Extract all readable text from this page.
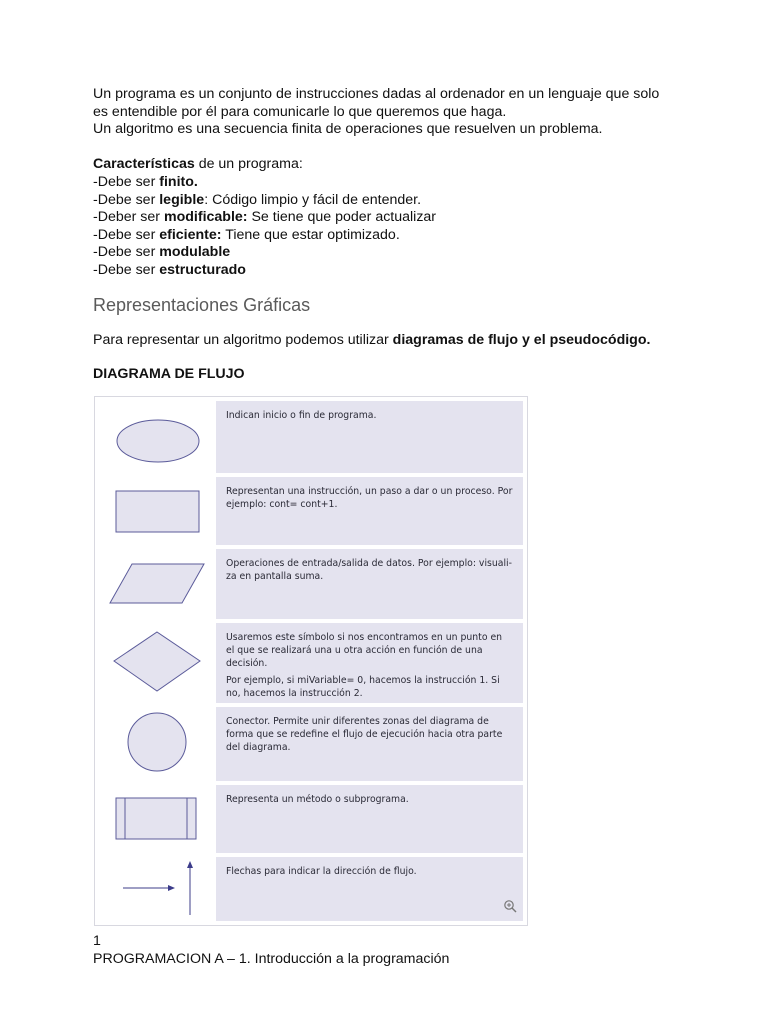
Un programa es un conjunto de instrucciones dadas al ordenador en un lenguaje que solo

es entendible por él para comunicarle lo que queremos que haga.

Un algoritmo es una secuencia finita de operaciones que resuelven un problema.

Características de un programa:

-Debe ser finito.

-Debe ser legible: Código limpio y fácil de entender.

-Deber ser modificable: Se tiene que poder actualizar

-Debe ser eficiente: Tiene que estar optimizado.

-Debe ser modulable

-Debe ser estructurado

Representaciones Gráficas

Para representar un algoritmo podemos utilizar diagramas de flujo y el pseudocódigo.

DIAGRAMA DE FLUJO

Indican inicio o fin de programa.

Representan una instrucción, un paso a dar o un proceso. Por ejemplo: cont= cont+1.

Operaciones de entrada/salida de datos. Por ejemplo: visuali-za en pantalla suma.

Usaremos este símbolo si nos encontramos en un punto en el que se realizará una u otra acción en función de una decisión.

Por ejemplo, si miVariable= 0, hacemos la instrucción 1. Si no, hacemos la instrucción 2.

Conector. Permite unir diferentes zonas del diagrama de forma que se redefine el flujo de ejecución hacia otra parte del diagrama.

Representa un método o subprograma.

Flechas para indicar la dirección de flujo.

1

PROGRAMACION A – 1. Introducción a la programación
